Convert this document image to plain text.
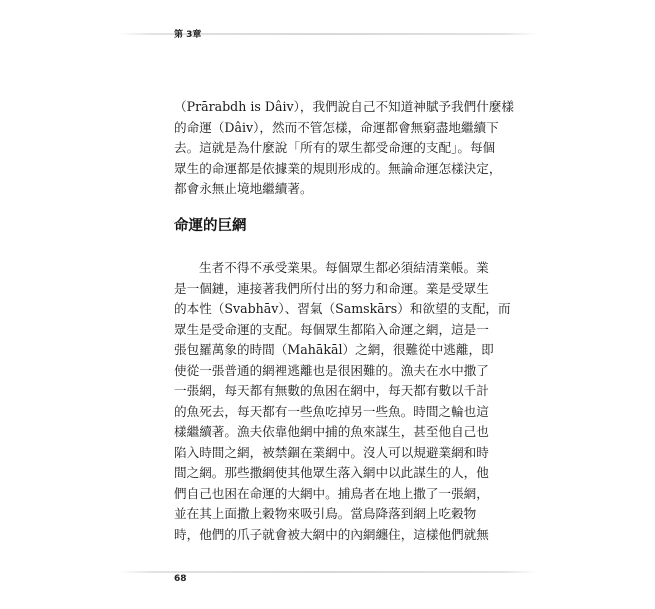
第 3章
（Prārabdh is Dâiv），我們說自己不知道神賦予我們什麼樣
的命運（Dâiv），然而不管怎樣，命運都會無窮盡地繼續下
去。這就是為什麼說「所有的眾生都受命運的支配」。每個
眾生的命運都是依據業的規則形成的。無論命運怎樣決定，
都會永無止境地繼續著。
命運的巨網
生者不得不承受業果。每個眾生都必須結清業帳。業
是一個鏈，連接著我們所付出的努力和命運。業是受眾生
的本性（Svabhāv）、習氣（Samskārs）和欲望的支配，而
眾生是受命運的支配。每個眾生都陷入命運之網，這是一
張包羅萬象的時間（Mahākāl）之網，很難從中逃離，即
使從一張普通的網裡逃離也是很困難的。漁夫在水中撒了
一張網，每天都有無數的魚困在網中，每天都有數以千計
的魚死去，每天都有一些魚吃掉另一些魚。時間之輪也這
樣繼續著。漁夫依靠他網中捕的魚來謀生，甚至他自己也
陷入時間之網，被禁錮在業網中。沒人可以規避業網和時
間之網。那些撒網使其他眾生落入網中以此謀生的人，他
們自己也困在命運的大網中。捕鳥者在地上撒了一張網，
並在其上面撒上穀物來吸引鳥。當鳥降落到網上吃穀物
時，他們的爪子就會被大網中的內網纏住，這樣他們就無
68
